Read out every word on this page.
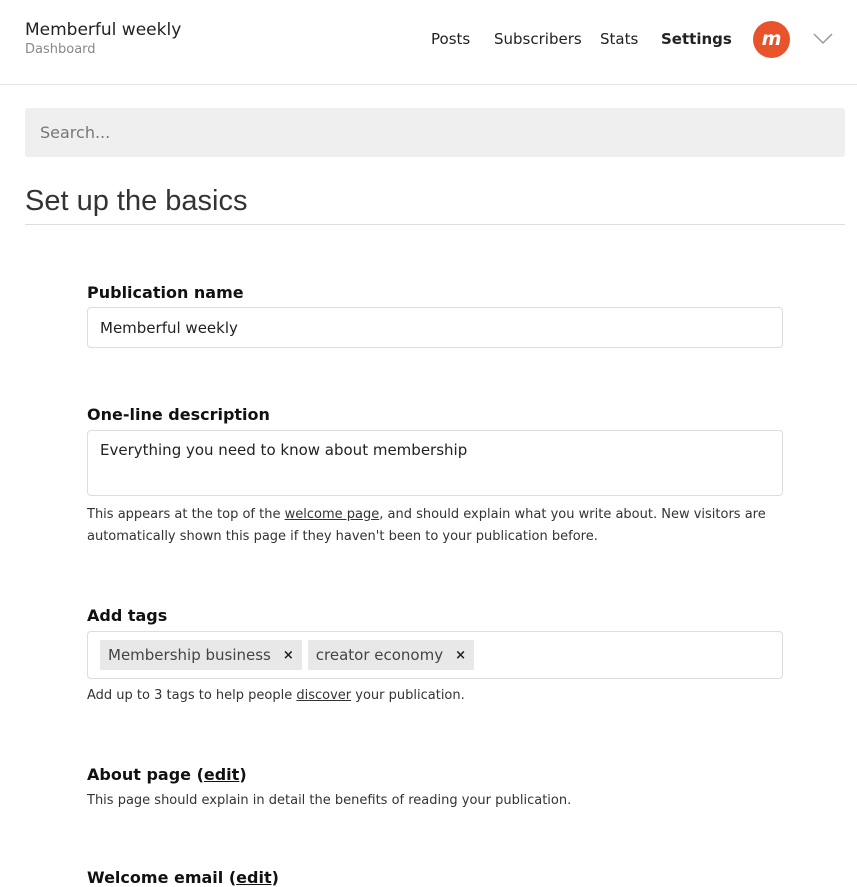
Memberful weekly
Dashboard
Posts Subscribers Stats Settings	m
Search...
Set up the basics
Publication name
Memberful weekly
One-line description
Everything you need to know about membership
This appears at the top of the welcome page, and should explain what you write about. New visitors are automatically shown this page if they haven't been to your publication before.
Add tags
Membership business × creator economy ×
Add up to 3 tags to help people discover your publication.
About page (edit)
This page should explain in detail the benefits of reading your publication.
Welcome email (edit)
